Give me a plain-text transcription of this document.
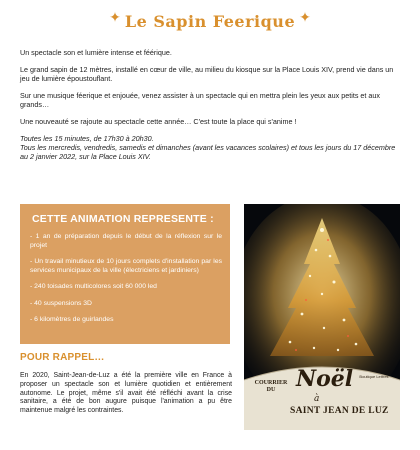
✦ Le Sapin Feerique ✦

Un spectacle son et lumière intense et féérique.

Le grand sapin de 12 mètres, installé en cœur de ville, au milieu du kiosque sur la Place Louis XIV, prend vie dans un jeu de lumière époustouflant.

Sur une musique féerique et enjouée, venez assister à un spectacle qui en mettra plein les yeux aux petits et aux grands…

Une nouveauté se rajoute au spectacle cette année… C'est toute la place qui s'anime !

Toutes les 15 minutes, de 17h30 à 20h30.

Tous les mercredis, vendredis, samedis et dimanches (avant les vacances scolaires) et tous les jours du 17 décembre au 2 janvier 2022, sur la Place Louis XIV.

CETTE ANIMATION REPRESENTE :
- 1 an de préparation depuis le début de la réflexion sur le projet
- Un travail minutieux de 10 jours complets d'installation par les services municipaux de la ville (électriciens et jardiniers)
- 240 toisades multicolores soit 60 000 led
- 40 suspensions 3D
- 6 kilomètres de guirlandes
POUR RAPPEL…
En 2020, Saint-Jean-de-Luz a été la première ville en France à proposer un spectacle son et lumière quotidien et entièrement autonome. Le projet, même s'il avait été réfléchi avant la crise sanitaire, a été de bon augure puisque l'animation a pu être maintenue malgré les contraintes.
COURRIER DU Noël	Boutique Lettres
à
SAINT JEAN DE LUZ
